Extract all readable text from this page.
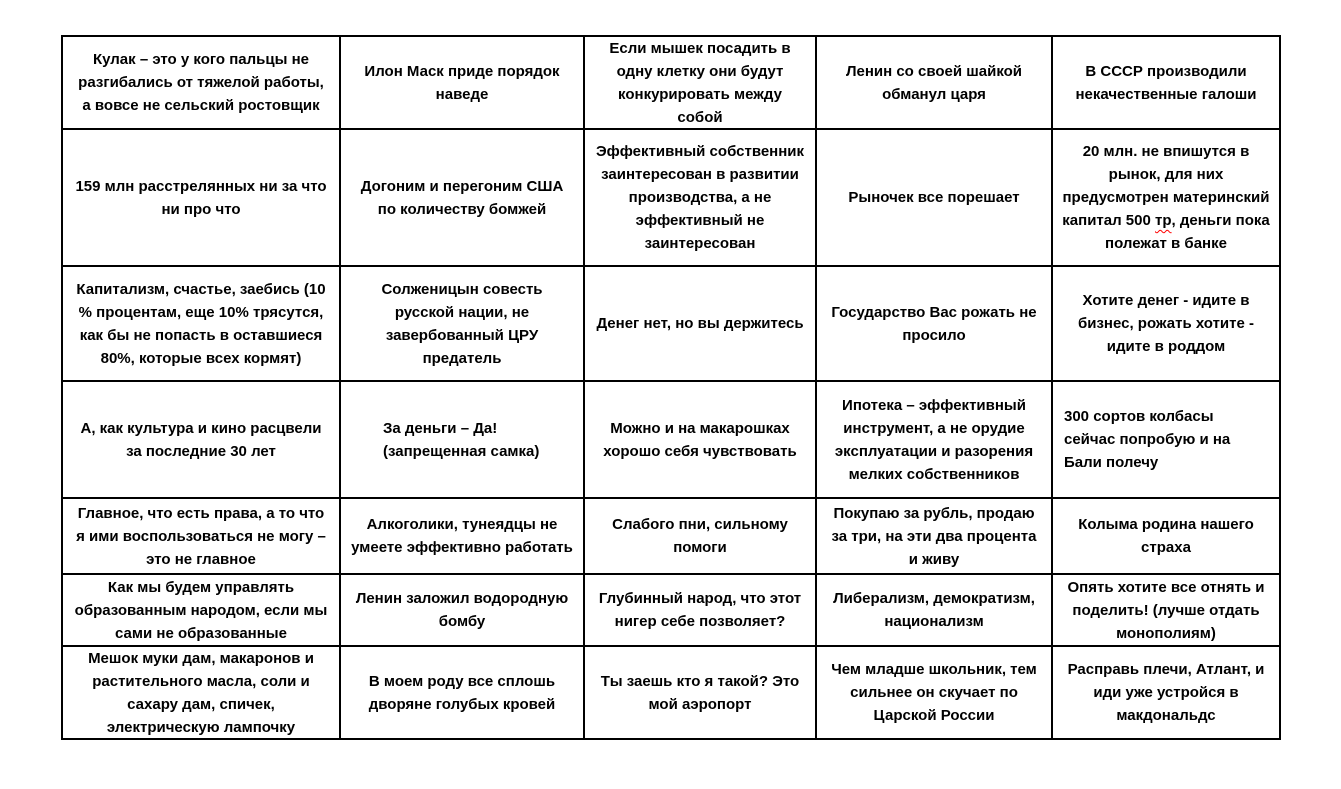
Кулак – это у кого пальцы не разгибались от тяжелой работы, а вовсе не сельский ростовщик
Илон Маск приде порядок наведе
Если мышек посадить в одну клетку они будут конкурировать между собой
Ленин со своей шайкой обманул царя
В СССР производили некачественные галоши
159 млн расстрелянных ни за что ни про что
Догоним и перегоним США по количеству бомжей
Эффективный собственник заинтересован в развитии производства, а не эффективный не заинтересован
Рыночек все порешает
20 млн. не впишутся в рынок, для них предусмотрен материнский капитал 500 тр, деньги пока полежат в банке
Капитализм, счастье, заебись (10 % процентам, еще 10% трясутся, как бы не попасть в оставшиеся 80%, которые всех кормят)
Солженицын совесть русской нации, не завербованный ЦРУ предатель
Денег нет, но вы держитесь
Государство Вас рожать не просило
Хотите денег - идите в бизнес, рожать хотите - идите в роддом
А, как культура и кино расцвели за последние 30 лет
За деньги – Да! (запрещенная самка)
Можно и на макарошках хорошо себя чувствовать
Ипотека – эффективный инструмент, а не орудие эксплуатации и разорения мелких собственников
300 сортов колбасы сейчас попробую и на Бали полечу
Главное, что есть права, а то что я ими воспользоваться не могу – это не главное
Алкоголики, тунеядцы не умеете эффективно работать
Слабого пни, сильному помоги
Покупаю за рубль, продаю за три, на эти два процента и живу
Колыма родина нашего страха
Как мы будем управлять образованным народом, если мы сами не образованные
Ленин заложил водородную бомбу
Глубинный народ, что этот нигер себе позволяет?
Либерализм, демократизм, национализм
Опять хотите все отнять и поделить! (лучше отдать монополиям)
Мешок муки дам, макаронов и растительного масла, соли и сахару дам, спичек, электрическую лампочку
В моем роду все сплошь дворяне голубых кровей
Ты заешь кто я такой? Это мой аэропорт
Чем младше школьник, тем сильнее он скучает по Царской России
Расправь плечи, Атлант, и иди уже устройся в макдональдс
